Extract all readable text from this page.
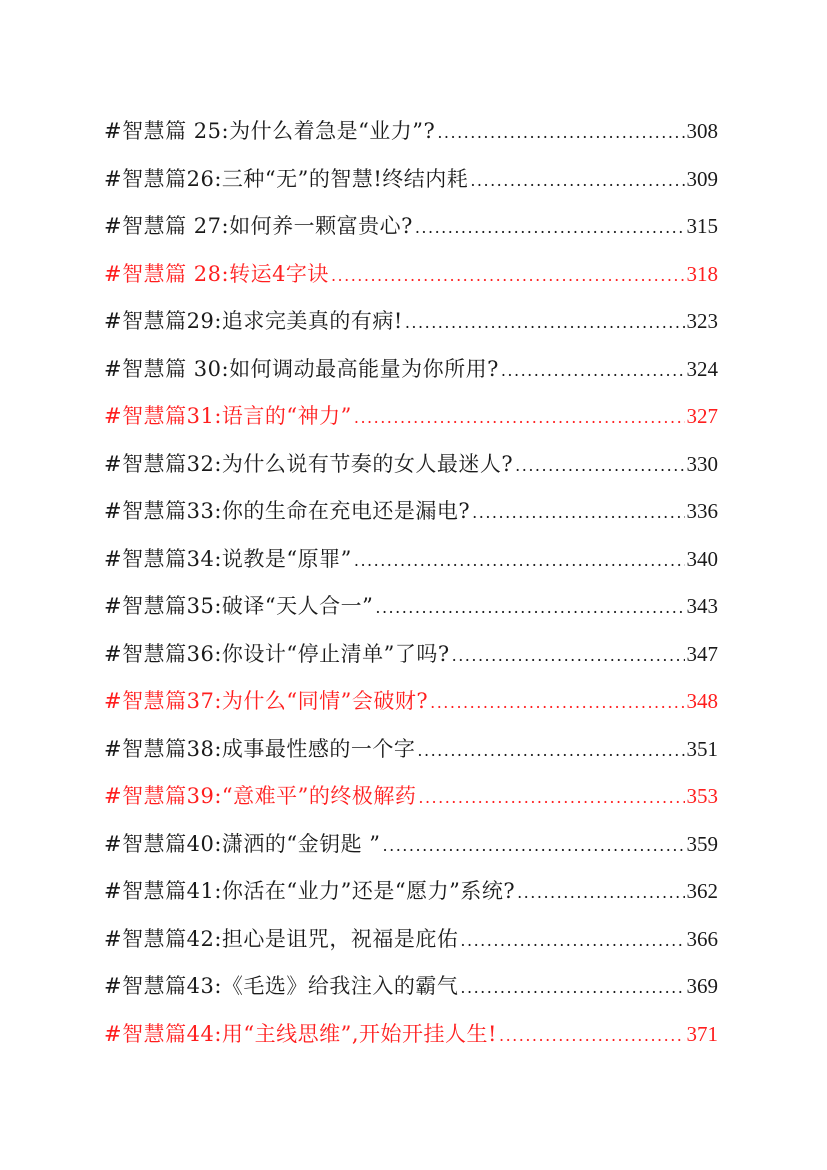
#智慧篇 25:为什么着急是“业力”? .....	308
#智慧篇26:三种“无”的智慧!终结内耗 .....	309
#智慧篇 27:如何养一颗富贵心? .....	315
#智慧篇 28:转运4字诀 .....	318
#智慧篇29:追求完美真的有病! .....	323
#智慧篇 30:如何调动最高能量为你所用? .....	324
#智慧篇31:语言的“神力” .....	327
#智慧篇32:为什么说有节奏的女人最迷人? .....	330
#智慧篇33:你的生命在充电还是漏电? .....	336
#智慧篇34:说教是“原罪” .....	340
#智慧篇35:破译“天人合一” .....	343
#智慧篇36:你设计“停止清单”了吗? .....	347
#智慧篇37:为什么“同情”会破财? .....	348
#智慧篇38:成事最性感的一个字 .....	351
#智慧篇39:“意难平”的终极解药 .....	353
#智慧篇40:潇洒的“金钥匙 ” .....	359
#智慧篇41:你活在“业力”还是“愿力”系统? .....	362
#智慧篇42:担心是诅咒，祝福是庇佑 .....	366
#智慧篇43:《毛选》给我注入的霸气 .....	369
#智慧篇44:用“主线思维”,开始开挂人生! .....	371
